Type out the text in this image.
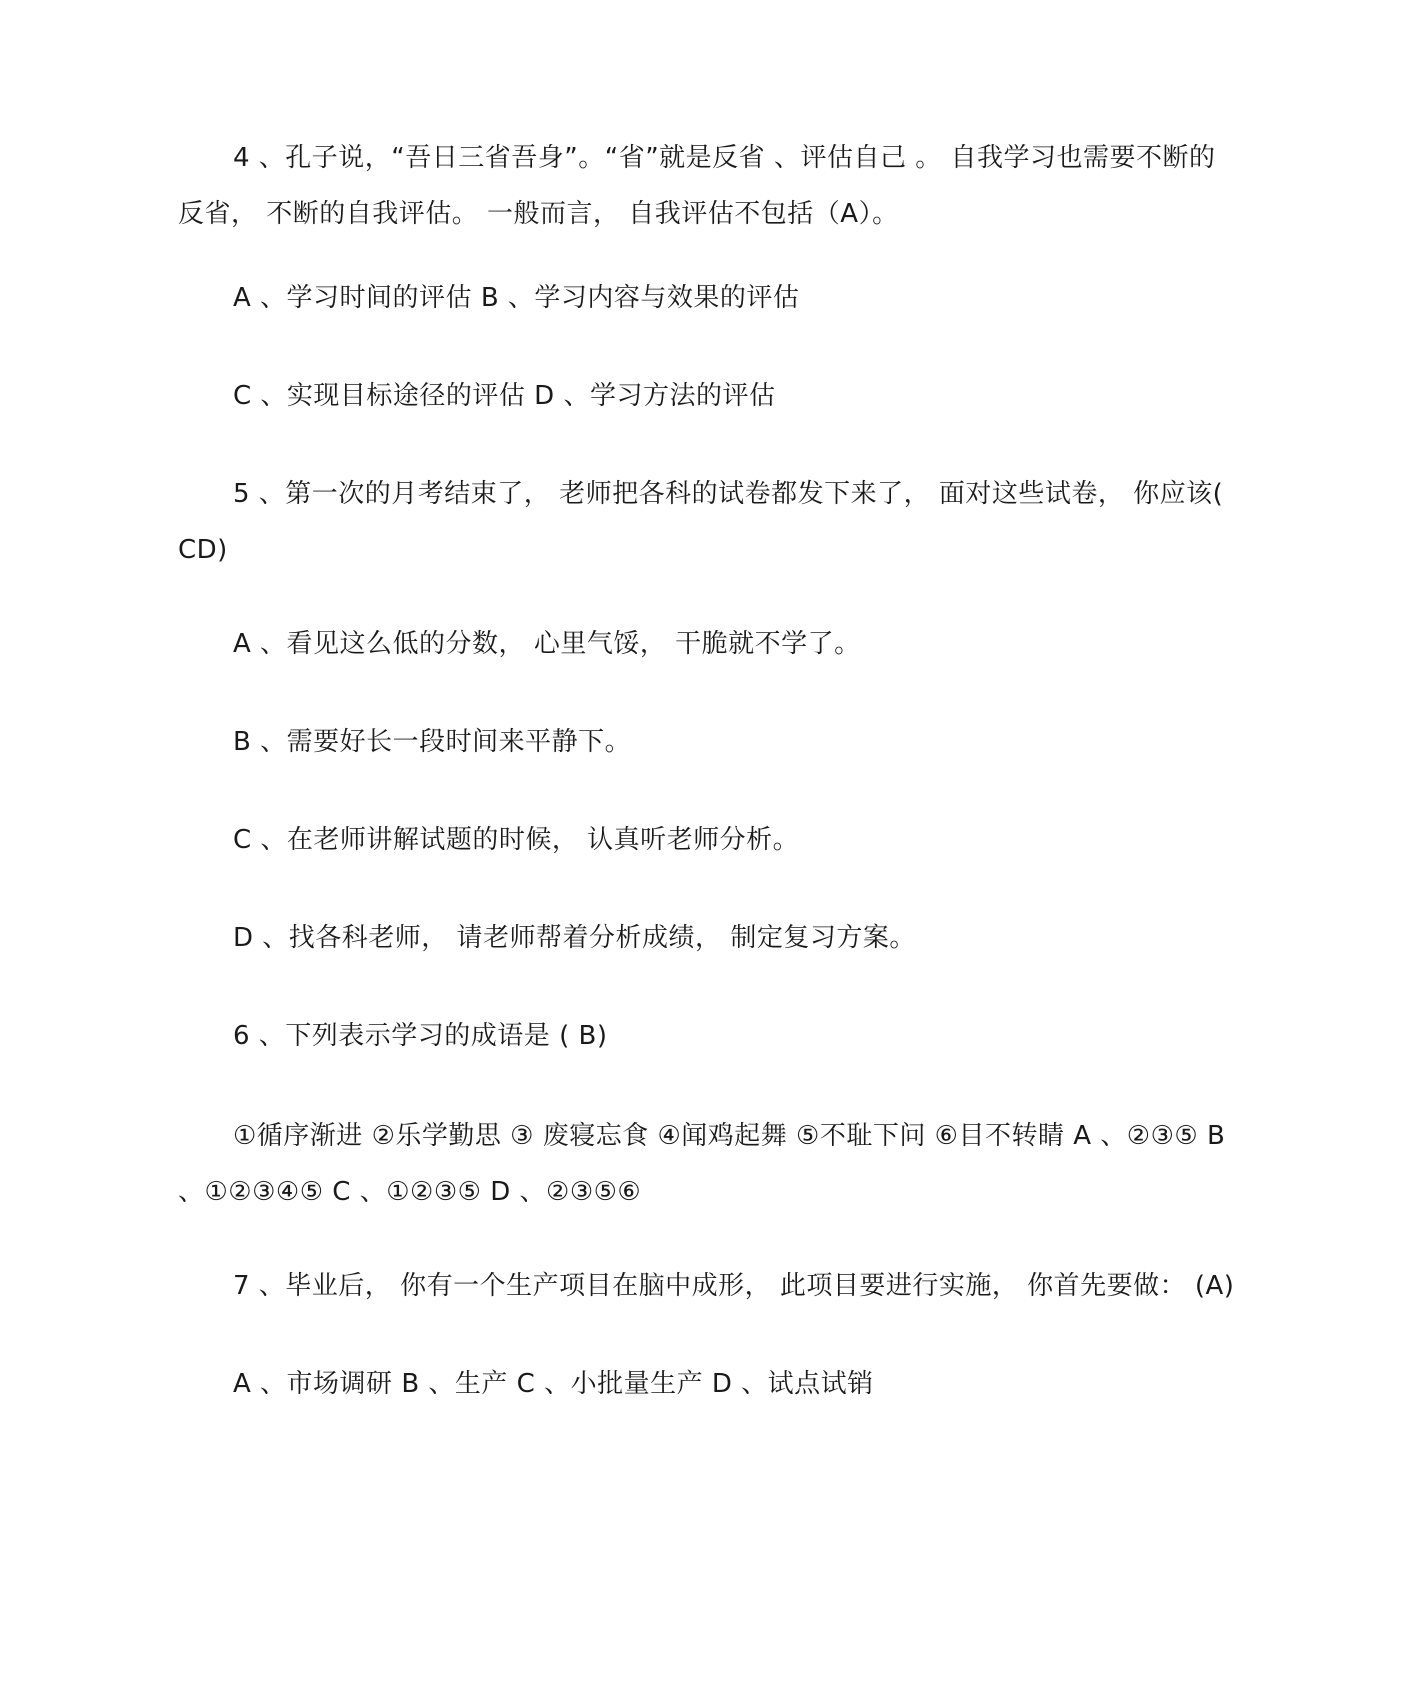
4 、孔子说，“吾日三省吾身”。“省”就是反省 、评估自己 。 自我学习也需要不断的反省， 不断的自我评估。 一般而言， 自我评估不包括（A）。

A 、学习时间的评估 B 、学习内容与效果的评估

C 、实现目标途径的评估 D 、学习方法的评估

5 、第一次的月考结束了， 老师把各科的试卷都发下来了， 面对这些试卷， 你应该( CD)

A 、看见这么低的分数， 心里气馁， 干脆就不学了。

B 、需要好长一段时间来平静下。

C 、在老师讲解试题的时候， 认真听老师分析。

D 、找各科老师， 请老师帮着分析成绩， 制定复习方案。

6 、下列表示学习的成语是 ( B)

①循序渐进 ②乐学勤思 ③ 废寝忘食 ④闻鸡起舞 ⑤不耻下问 ⑥目不转睛 A 、②③⑤ B 、①②③④⑤ C 、①②③⑤ D 、②③⑤⑥

7 、毕业后， 你有一个生产项目在脑中成形， 此项目要进行实施， 你首先要做： (A)

A 、市场调研 B 、生产 C 、小批量生产 D 、试点试销
